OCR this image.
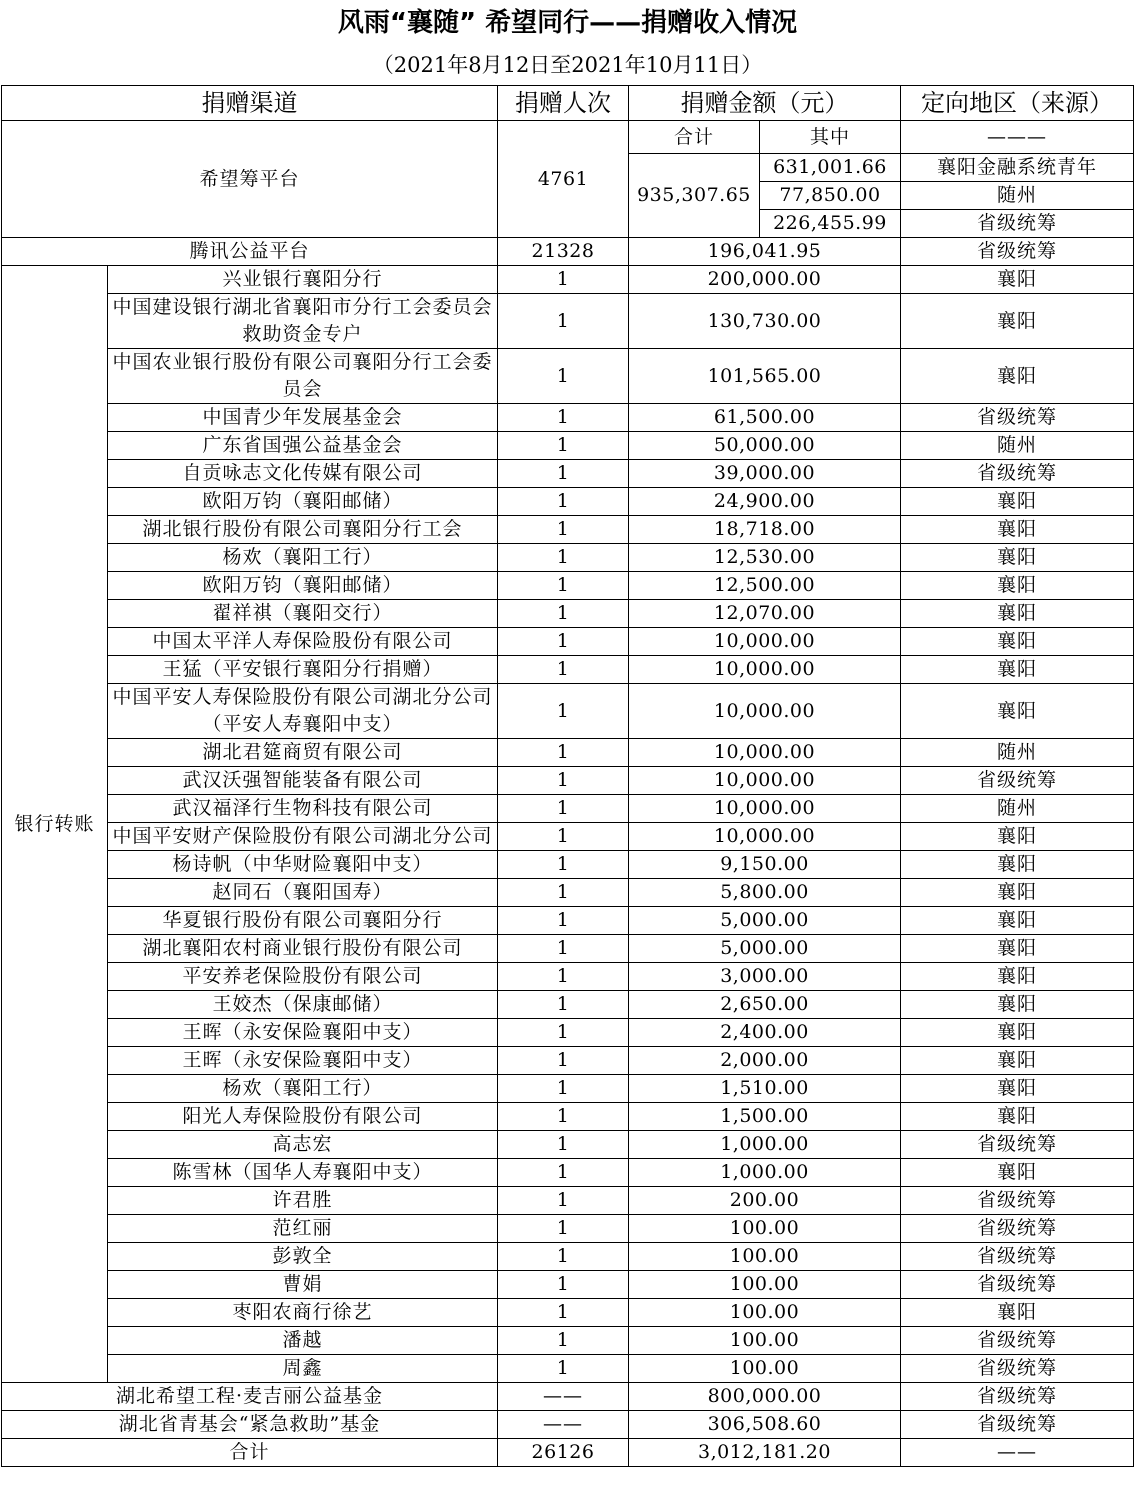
风雨“襄随” 希望同行——捐赠收入情况
（2021年8月12日至2021年10月11日）
捐赠渠道		捐赠人次	捐赠金额（元）		定向地区（来源）
希望筹平台		4761	合计	其中	———
			935,307.65	631,001.66	襄阳金融系统青年
				77,850.00	随州
				226,455.99	省级统筹
腾讯公益平台		21328	196,041.95		省级统筹
银行转账	兴业银行襄阳分行	1	200,000.00		襄阳
	中国建设银行湖北省襄阳市分行工会委员会救助资金专户	1	130,730.00		襄阳
	中国农业银行股份有限公司襄阳分行工会委员会	1	101,565.00		襄阳
	中国青少年发展基金会	1	61,500.00		省级统筹
	广东省国强公益基金会	1	50,000.00		随州
	自贡咏志文化传媒有限公司	1	39,000.00		省级统筹
	欧阳万钧（襄阳邮储）	1	24,900.00		襄阳
	湖北银行股份有限公司襄阳分行工会	1	18,718.00		襄阳
	杨欢（襄阳工行）	1	12,530.00		襄阳
	欧阳万钧（襄阳邮储）	1	12,500.00		襄阳
	翟祥祺（襄阳交行）	1	12,070.00		襄阳
	中国太平洋人寿保险股份有限公司	1	10,000.00		襄阳
	王猛（平安银行襄阳分行捐赠）	1	10,000.00		襄阳
	中国平安人寿保险股份有限公司湖北分公司（平安人寿襄阳中支）	1	10,000.00		襄阳
	湖北君筵商贸有限公司	1	10,000.00		随州
	武汉沃强智能装备有限公司	1	10,000.00		省级统筹
	武汉福泽行生物科技有限公司	1	10,000.00		随州
	中国平安财产保险股份有限公司湖北分公司	1	10,000.00		襄阳
	杨诗帆（中华财险襄阳中支）	1	9,150.00		襄阳
	赵同石（襄阳国寿）	1	5,800.00		襄阳
	华夏银行股份有限公司襄阳分行	1	5,000.00		襄阳
	湖北襄阳农村商业银行股份有限公司	1	5,000.00		襄阳
	平安养老保险股份有限公司	1	3,000.00		襄阳
	王姣杰（保康邮储）	1	2,650.00		襄阳
	王晖（永安保险襄阳中支）	1	2,400.00		襄阳
	王晖（永安保险襄阳中支）	1	2,000.00		襄阳
	杨欢（襄阳工行）	1	1,510.00		襄阳
	阳光人寿保险股份有限公司	1	1,500.00		襄阳
	高志宏	1	1,000.00		省级统筹
	陈雪林（国华人寿襄阳中支）	1	1,000.00		襄阳
	许君胜	1	200.00		省级统筹
	范红丽	1	100.00		省级统筹
	彭敦全	1	100.00		省级统筹
	曹娟	1	100.00		省级统筹
	枣阳农商行徐艺	1	100.00		襄阳
	潘越	1	100.00		省级统筹
	周鑫	1	100.00		省级统筹
湖北希望工程·麦吉丽公益基金		——	800,000.00		省级统筹
湖北省青基会“紧急救助”基金		——	306,508.60		省级统筹
合计		26126	3,012,181.20		——
